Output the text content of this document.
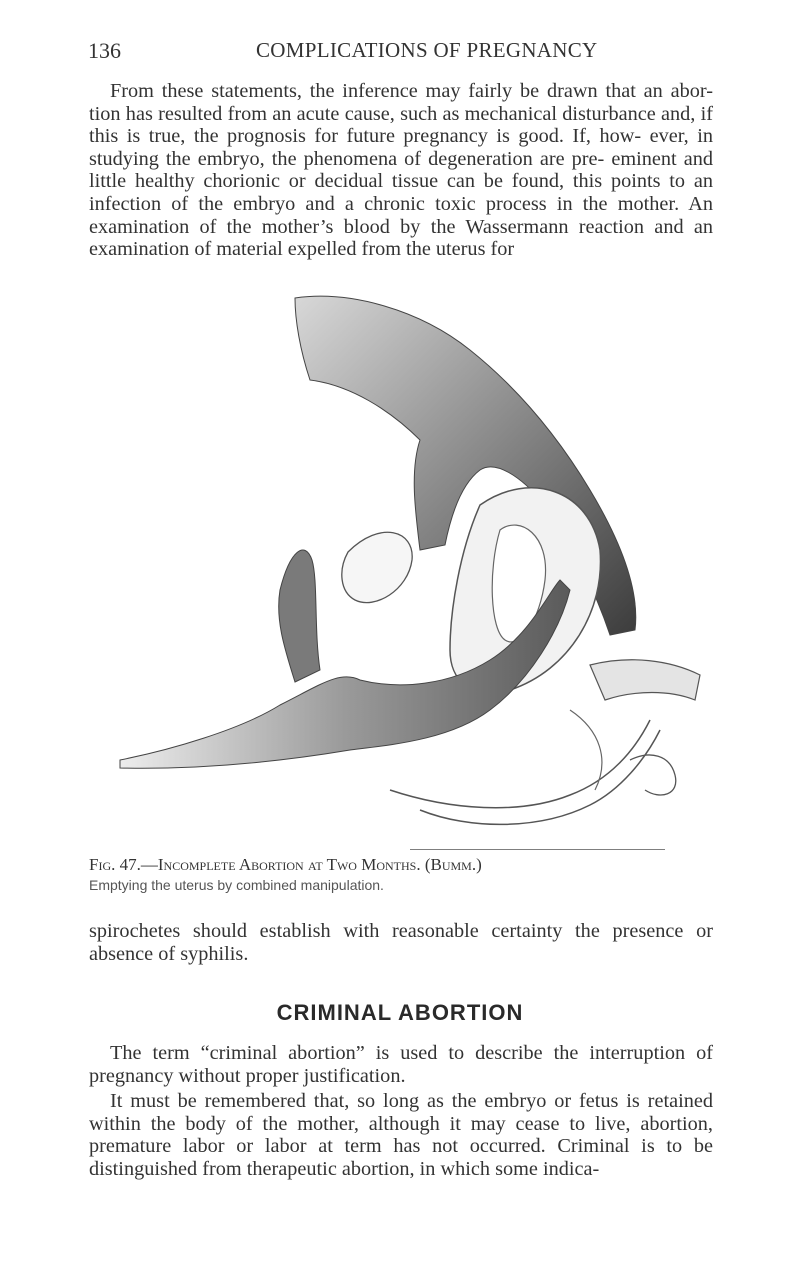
136	COMPLICATIONS OF PREGNANCY
From these statements, the inference may fairly be drawn that an abor- tion has resulted from an acute cause, such as mechanical disturbance and, if this is true, the prognosis for future pregnancy is good. If, how- ever, in studying the embryo, the phenomena of degeneration are pre- eminent and little healthy chorionic or decidual tissue can be found, this points to an infection of the embryo and a chronic toxic process in the mother. An examination of the mother’s blood by the Wassermann reaction and an examination of material expelled from the uterus for
Fig. 47.—Incomplete Abortion at Two Months. (Bumm.)
Emptying the uterus by combined manipulation.
spirochetes should establish with reasonable certainty the presence or absence of syphilis.
CRIMINAL ABORTION
The term “criminal abortion” is used to describe the interruption of pregnancy without proper justification.
It must be remembered that, so long as the embryo or fetus is retained within the body of the mother, although it may cease to live, abortion, premature labor or labor at term has not occurred. Criminal is to be distinguished from therapeutic abortion, in which some indica-
